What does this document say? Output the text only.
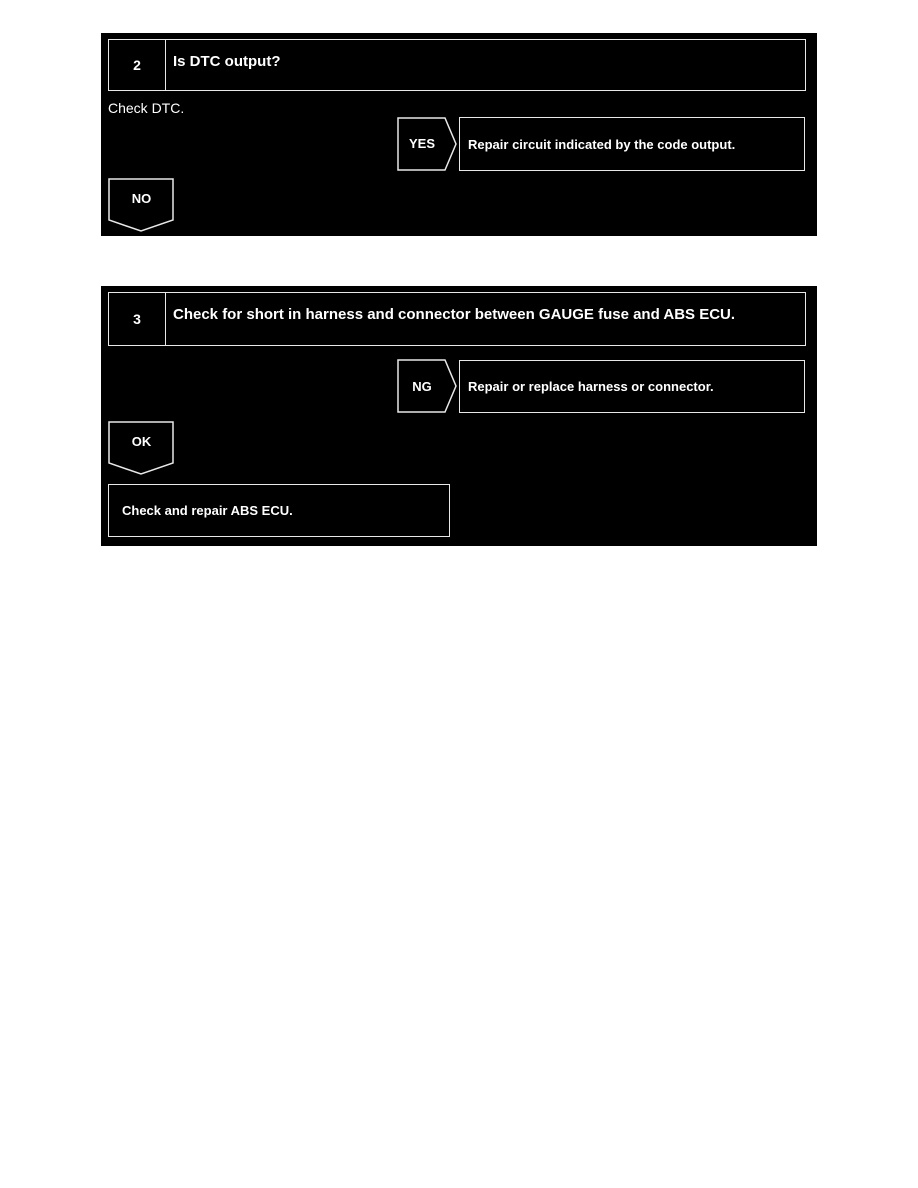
2	Is DTC output?
Check DTC.
YES	Repair circuit indicated by the code output.
NO
3	Check for short in harness and connector between GAUGE fuse and ABS ECU.
NG	Repair or replace harness or connector.
OK
Check and repair ABS ECU.
